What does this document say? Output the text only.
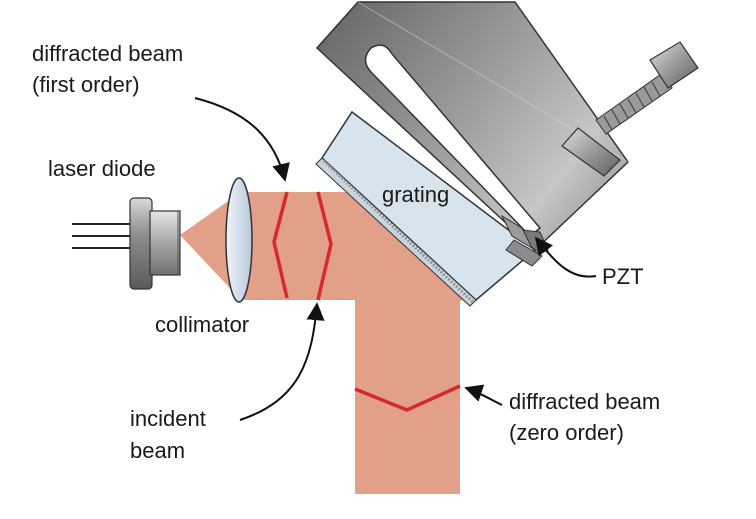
diffracted beam
(first order)
laser diode
grating
PZT
collimator
incident
beam
diffracted beam
(zero order)
